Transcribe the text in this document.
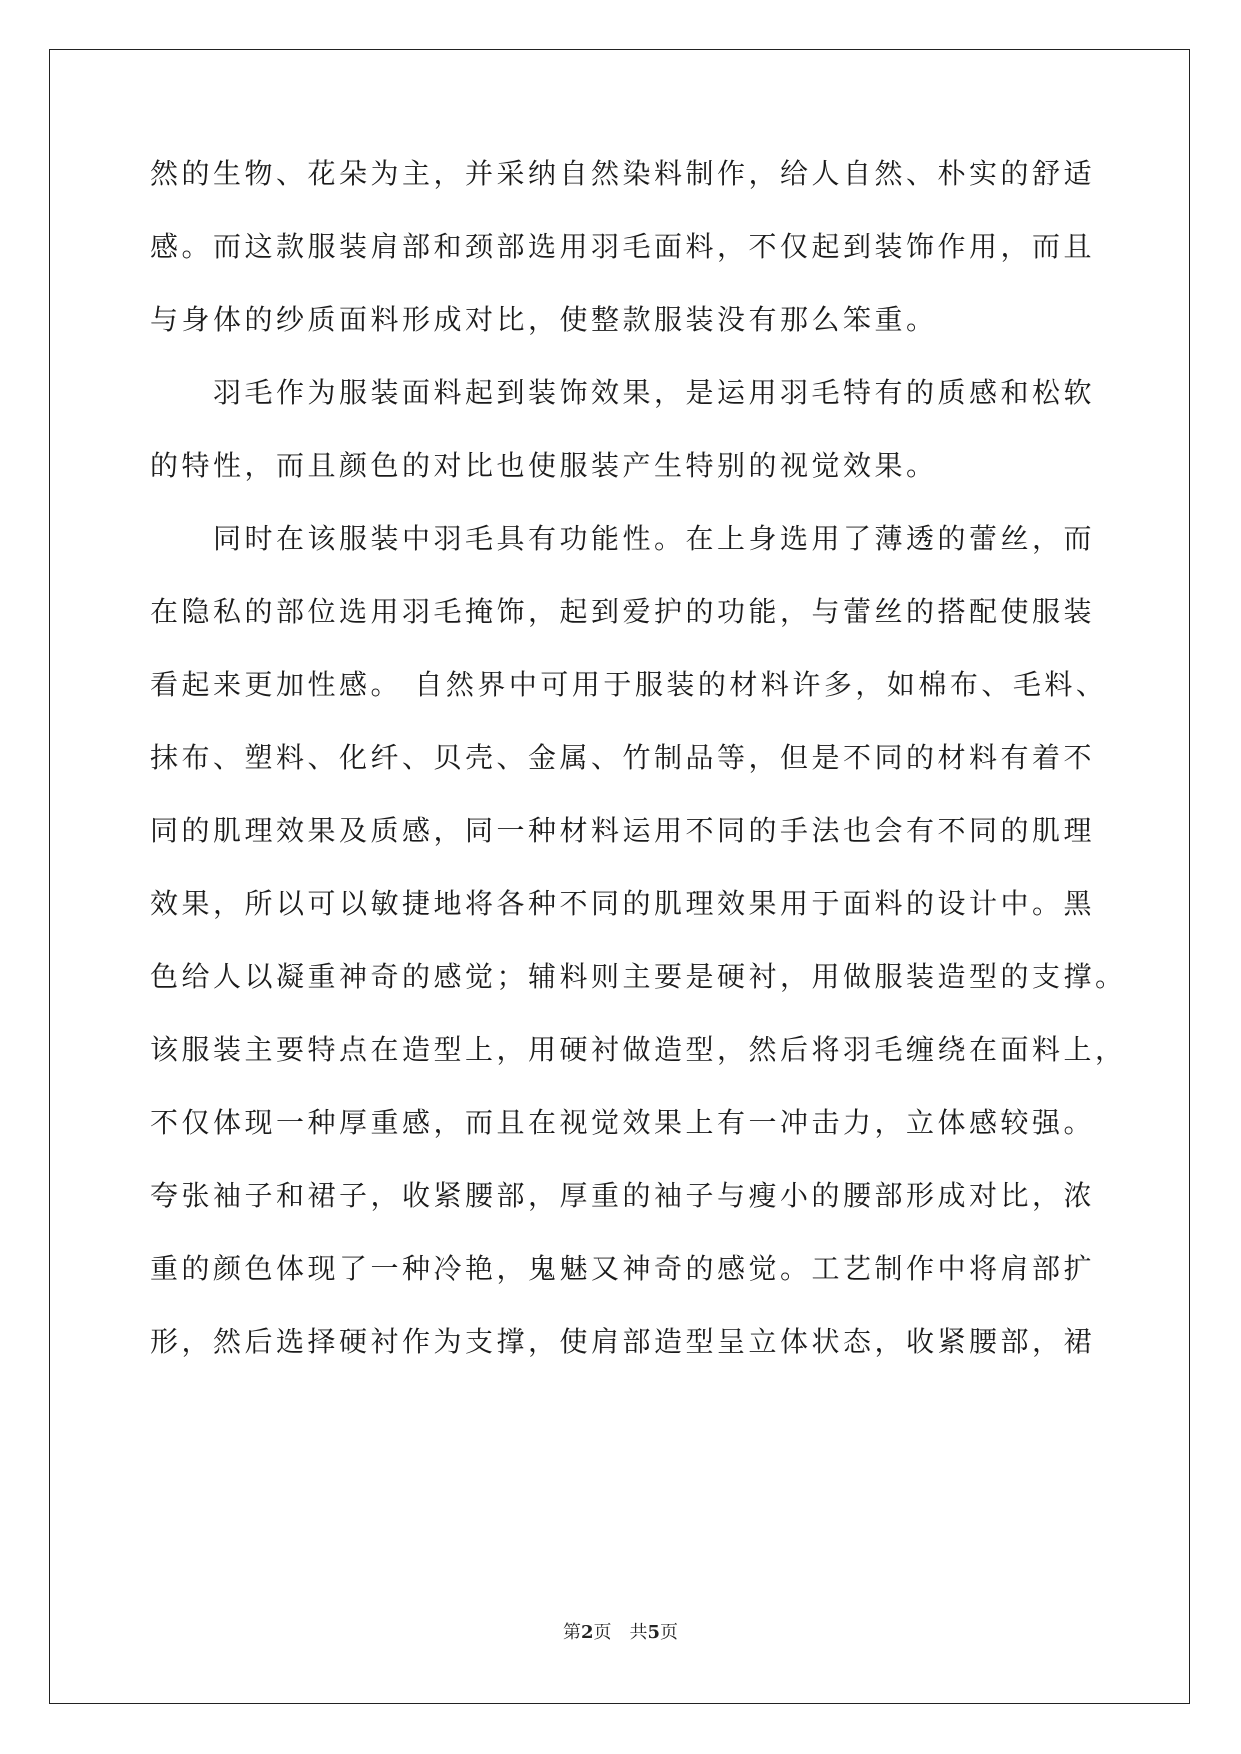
然的生物、花朵为主，并采纳自然染料制作，给人自然、朴实的舒适
感。而这款服装肩部和颈部选用羽毛面料，不仅起到装饰作用，而且
与身体的纱质面料形成对比，使整款服装没有那么笨重。
　　羽毛作为服装面料起到装饰效果，是运用羽毛特有的质感和松软
的特性，而且颜色的对比也使服装产生特别的视觉效果。
　　同时在该服装中羽毛具有功能性。在上身选用了薄透的蕾丝，而
在隐私的部位选用羽毛掩饰，起到爱护的功能，与蕾丝的搭配使服装
看起来更加性感。 自然界中可用于服装的材料许多，如棉布、毛料、
抹布、塑料、化纤、贝壳、金属、竹制品等，但是不同的材料有着不
同的肌理效果及质感，同一种材料运用不同的手法也会有不同的肌理
效果，所以可以敏捷地将各种不同的肌理效果用于面料的设计中。黑
色给人以凝重神奇的感觉；辅料则主要是硬衬，用做服装造型的支撑。
该服装主要特点在造型上，用硬衬做造型，然后将羽毛缠绕在面料上，
不仅体现一种厚重感，而且在视觉效果上有一冲击力，立体感较强。
夸张袖子和裙子，收紧腰部，厚重的袖子与瘦小的腰部形成对比，浓
重的颜色体现了一种冷艳，鬼魅又神奇的感觉。工艺制作中将肩部扩
形，然后选择硬衬作为支撑，使肩部造型呈立体状态，收紧腰部，裙
第2页　共5页
